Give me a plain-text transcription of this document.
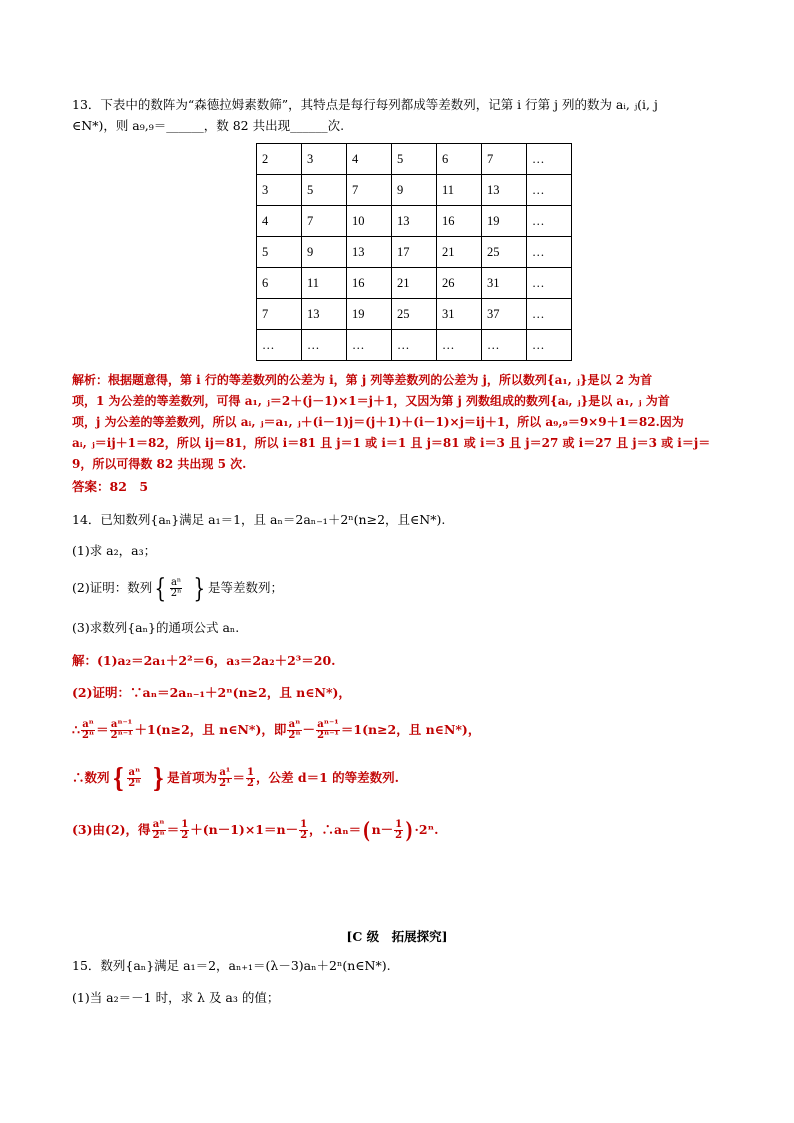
13．下表中的数阵为“森德拉姆素数筛”，其特点是每行每列都成等差数列，记第 i 行第 j 列的数为 aᵢ, ⱼ(i, j
∈N*)，则 a₉,₉＝______，数 82 共出现______次.
2	3	4	5	6	7	…
3	5	7	9	11	13	…
4	7	10	13	16	19	…
5	9	13	17	21	25	…
6	11	16	21	26	31	…
7	13	19	25	31	37	…
…	…	…	…	…	…	…
解析：根据题意得，第 i 行的等差数列的公差为 i，第 j 列等差数列的公差为 j，所以数列{a₁, ⱼ}是以 2 为首
项，1 为公差的等差数列，可得 a₁, ⱼ＝2＋(j－1)×1＝j＋1，又因为第 j 列数组成的数列{aᵢ, ⱼ}是以 a₁, ⱼ 为首
项，j 为公差的等差数列，所以 aᵢ, ⱼ＝a₁, ⱼ＋(i－1)j＝(j＋1)＋(i－1)×j＝ij＋1，所以 a₉,₉＝9×9＋1＝82.因为
aᵢ, ⱼ＝ij＋1＝82，所以 ij＝81，所以 i＝81 且 j＝1 或 i＝1 且 j＝81 或 i＝3 且 j＝27 或 i＝27 且 j＝3 或 i＝j＝
9，所以可得数 82 共出现 5 次.
答案：82　5
14．已知数列{aₙ}满足 a₁＝1，且 aₙ＝2aₙ₋₁＋2ⁿ(n≥2，且∈N*).
(1)求 a₂，a₃；
(2)证明：数列{ $\frac{\text{aⁿ}}{\text{2ⁿ}}$ } 是等差数列；
(3)求数列{aₙ}的通项公式 aₙ.
解：(1)a₂＝2a₁＋2²＝6，a₃＝2a₂＋2³＝20.
(2)证明：∵aₙ＝2aₙ₋₁＋2ⁿ(n≥2，且 n∈N*)，
∴ $\frac{\text{aⁿ}}{\text{2ⁿ}} = \frac{\text{aⁿ⁻¹}}{\text{2ⁿ⁻¹}} +1(n\ge 2$，且 n∈N*)，即 $\frac{\text{aⁿ}}{\text{2ⁿ}} - \frac{\text{aⁿ⁻¹}}{\text{2ⁿ⁻¹}} =1(n\ge 2$，且 n∈N*)，
∴数列{ $\frac{\text{aⁿ}}{\text{2ⁿ}}$ } 是首项为 $\frac{\text{a¹}}{\text{2¹}} = \frac{1}{2}$ ，公差 d＝1 的等差数列.
(3)由(2)，得 $\frac{\text{aⁿ}}{\text{2ⁿ}} = \frac{1}{2} +(n-1)\times 1=n- \frac{1}{2}$ ，∴aₙ＝( $n- \frac{1}{2}$ ) ·2ⁿ.
[C 级　拓展探究]
15．数列{aₙ}满足 a₁＝2，aₙ₊₁＝(λ－3)aₙ＋2ⁿ(n∈N*).
(1)当 a₂＝－1 时，求 λ 及 a₃ 的值；
